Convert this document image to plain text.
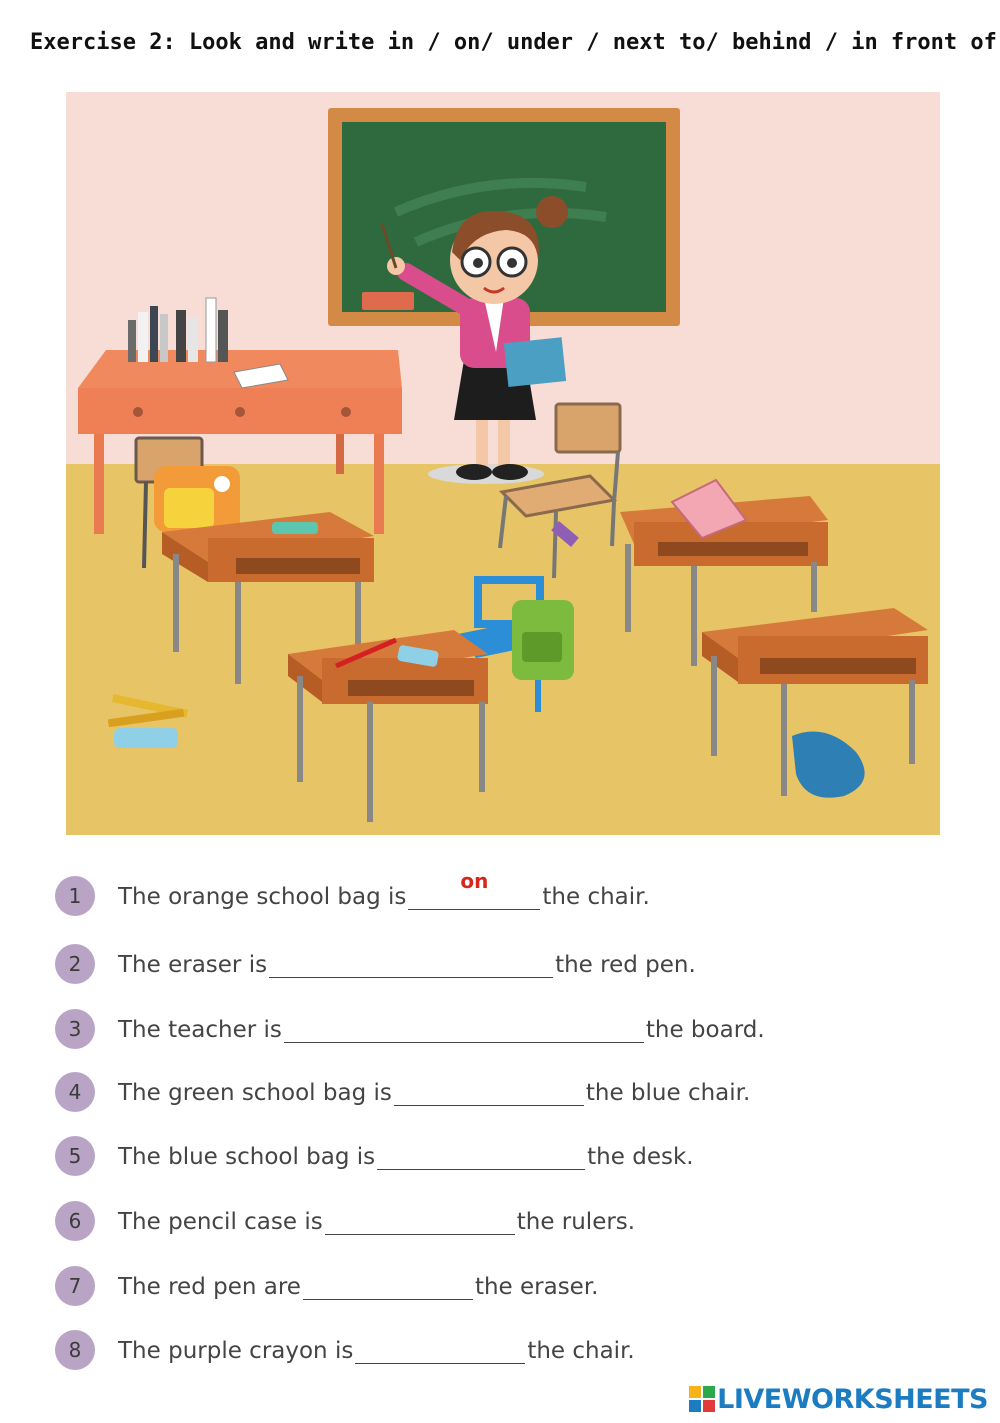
Exercise 2: Look and write in / on/ under / next to/ behind / in front of
1	The orange school bag is
on
the chair.
2	The eraser is	the red pen.
3	The teacher is	the board.
4	The green school bag is	the blue chair.
5	The blue school bag is	the desk.
6	The pencil case is	the rulers.
7	The red pen are	the eraser.
8	The purple crayon is	the chair.
LIVEWORKSHEETS
